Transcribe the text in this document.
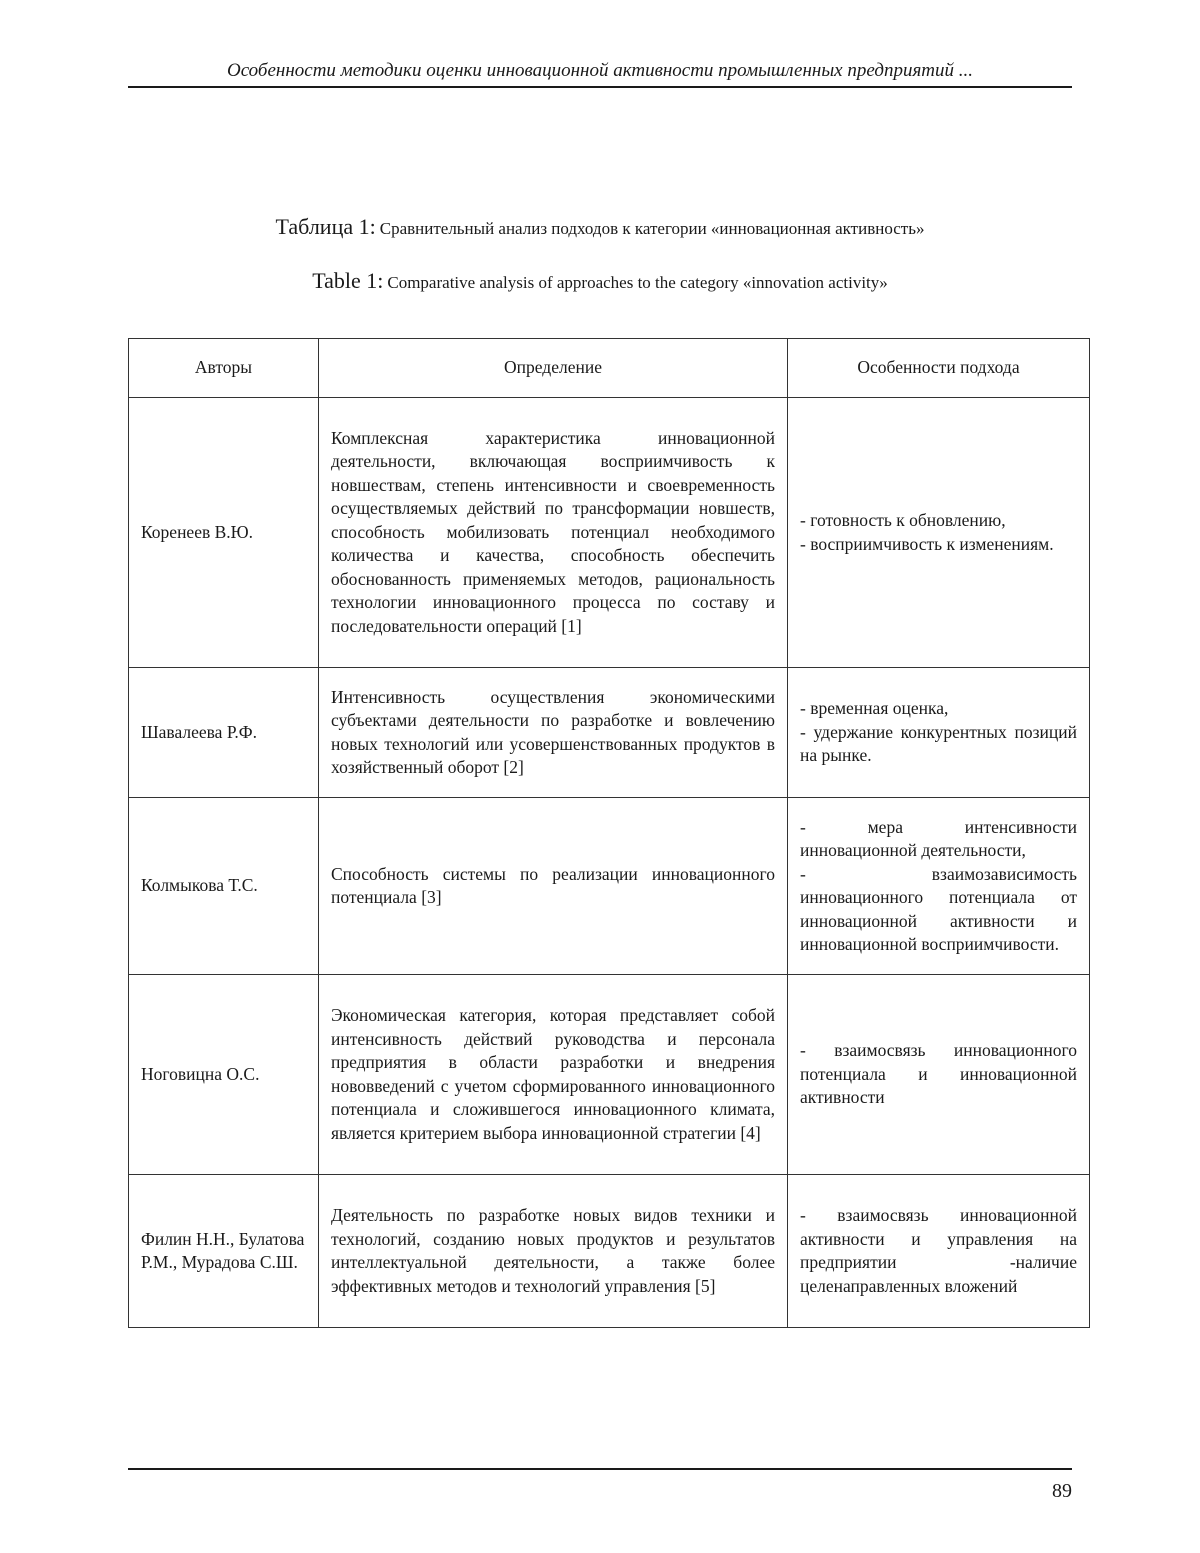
Особенности методики оценки инновационной активности промышленных предприятий ...
Таблица 1: Сравнительный анализ подходов к категории «инновационная активность»
Table 1: Comparative analysis of approaches to the category «innovation activity»
Авторы	Определение	Особенности подхода
Коренеев В.Ю.	Комплексная характеристика инновационной деятельности, включающая восприимчивость к новшествам, степень интенсивности и своевременность осуществляемых действий по трансформации новшеств, способность мобилизовать потенциал необходимого количества и качества, способность обеспечить обоснованность применяемых методов, рациональность технологии инновационного процесса по составу и последовательности операций [1]	- готовность к обновлению,
- восприимчивость к изменениям.

Шавалеева Р.Ф.	Интенсивность осуществления экономическими субъектами деятельности по разработке и вовлечению новых технологий или усовершенствованных продуктов в хозяйственный оборот [2]	- временная оценка,
- удержание конкурентных позиций на рынке.

Колмыкова Т.С.	Способность системы по реализации инновационного потенциала [3]	- мера интенсивности инновационной деятельности,
- взаимозависимость инновационного потенциала от инновационной активности и инновационной восприимчивости.

Ноговицна О.С.	Экономическая категория, которая представляет собой интенсивность действий руководства и персонала предприятия в области разработки и внедрения нововведений с учетом сформированного инновационного потенциала и сложившегося инновационного климата, является критерием выбора инновационной стратегии [4]	- взаимосвязь инновационного потенциала и инновационной активности

Филин Н.Н., Булатова Р.М., Мурадова С.Ш.	Деятельность по разработке новых видов техники и технологий, созданию новых продуктов и результатов интеллектуальной деятельности, а также более эффективных методов и технологий управления [5]	- взаимосвязь инновационной активности и управления на предприятии -наличие целенаправленных вложений
89
